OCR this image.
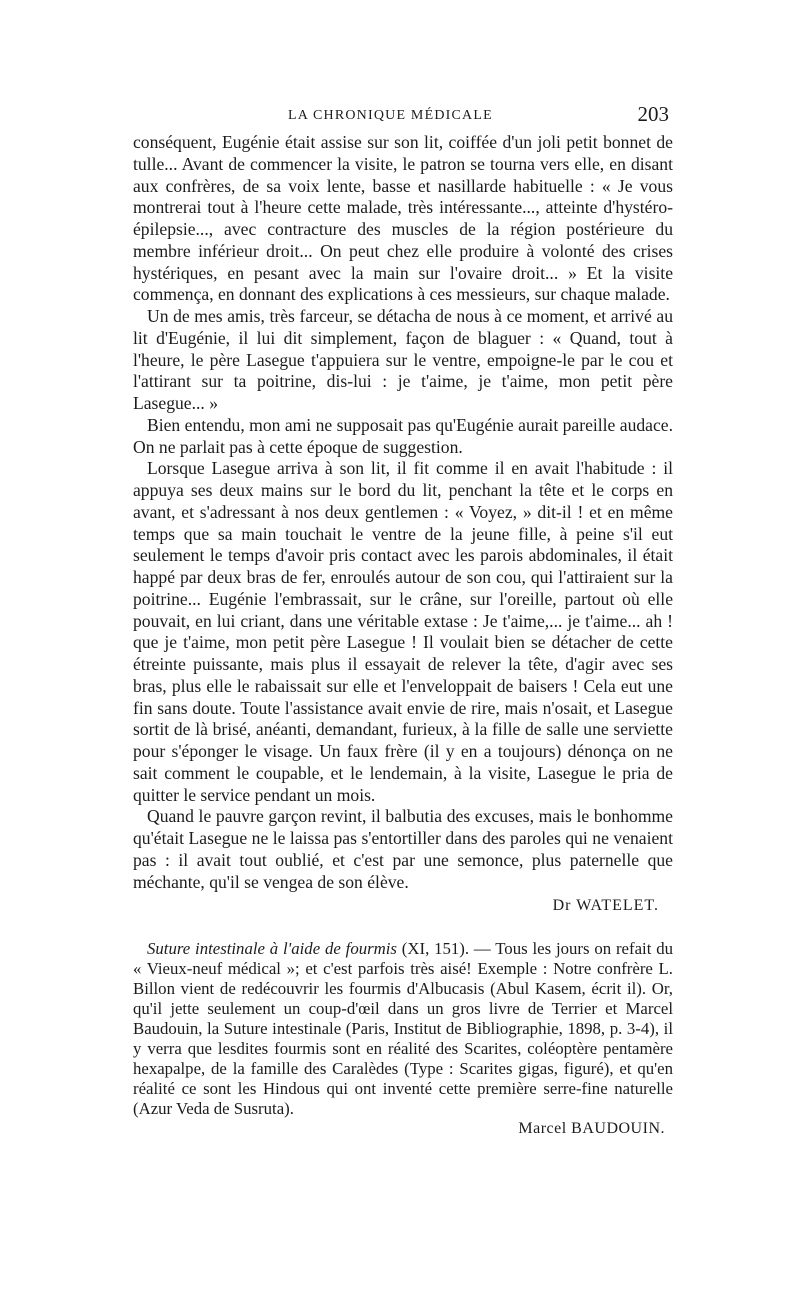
LA CHRONIQUE MÉDICALE	203

conséquent, Eugénie était assise sur son lit, coiffée d'un joli petit bonnet de tulle... Avant de commencer la visite, le patron se tourna vers elle, en disant aux confrères, de sa voix lente, basse et nasillarde habituelle : « Je vous montrerai tout à l'heure cette malade, très intéressante..., atteinte d'hystéro-épilepsie..., avec contracture des muscles de la région postérieure du membre inférieur droit... On peut chez elle produire à volonté des crises hystériques, en pesant avec la main sur l'ovaire droit... » Et la visite commença, en donnant des explications à ces messieurs, sur chaque malade.

Un de mes amis, très farceur, se détacha de nous à ce moment, et arrivé au lit d'Eugénie, il lui dit simplement, façon de blaguer : « Quand, tout à l'heure, le père Lasegue t'appuiera sur le ventre, empoigne-le par le cou et l'attirant sur ta poitrine, dis-lui : je t'aime, je t'aime, mon petit père Lasegue... »

Bien entendu, mon ami ne supposait pas qu'Eugénie aurait pareille audace. On ne parlait pas à cette époque de suggestion.

Lorsque Lasegue arriva à son lit, il fit comme il en avait l'habitude : il appuya ses deux mains sur le bord du lit, penchant la tête et le corps en avant, et s'adressant à nos deux gentlemen : « Voyez, » dit-il ! et en même temps que sa main touchait le ventre de la jeune fille, à peine s'il eut seulement le temps d'avoir pris contact avec les parois abdominales, il était happé par deux bras de fer, enroulés autour de son cou, qui l'attiraient sur la poitrine... Eugénie l'embrassait, sur le crâne, sur l'oreille, partout où elle pouvait, en lui criant, dans une véritable extase : Je t'aime,... je t'aime... ah ! que je t'aime, mon petit père Lasegue ! Il voulait bien se détacher de cette étreinte puissante, mais plus il essayait de relever la tête, d'agir avec ses bras, plus elle le rabaissait sur elle et l'enveloppait de baisers ! Cela eut une fin sans doute. Toute l'assistance avait envie de rire, mais n'osait, et Lasegue sortit de là brisé, anéanti, demandant, furieux, à la fille de salle une serviette pour s'éponger le visage. Un faux frère (il y en a toujours) dénonça on ne sait comment le coupable, et le lendemain, à la visite, Lasegue le pria de quitter le service pendant un mois.

Quand le pauvre garçon revint, il balbutia des excuses, mais le bonhomme qu'était Lasegue ne le laissa pas s'entortiller dans des paroles qui ne venaient pas : il avait tout oublié, et c'est par une semonce, plus paternelle que méchante, qu'il se vengea de son élève.

Dr WATELET.
Suture intestinale à l'aide de fourmis (XI, 151). — Tous les jours on refait du « Vieux-neuf médical »; et c'est parfois très aisé! Exemple : Notre confrère L. Billon vient de redécouvrir les fourmis d'Albucasis (Abul Kasem, écrit il). Or, qu'il jette seulement un coup-d'œil dans un gros livre de Terrier et Marcel Baudouin, la Suture intestinale (Paris, Institut de Bibliographie, 1898, p. 3-4), il y verra que lesdites fourmis sont en réalité des Scarites, coléoptère pentamère hexapalpe, de la famille des Caralèdes (Type : Scarites gigas, figuré), et qu'en réalité ce sont les Hindous qui ont inventé cette première serre-fine naturelle (Azur Veda de Susruta).
Marcel BAUDOUIN.
